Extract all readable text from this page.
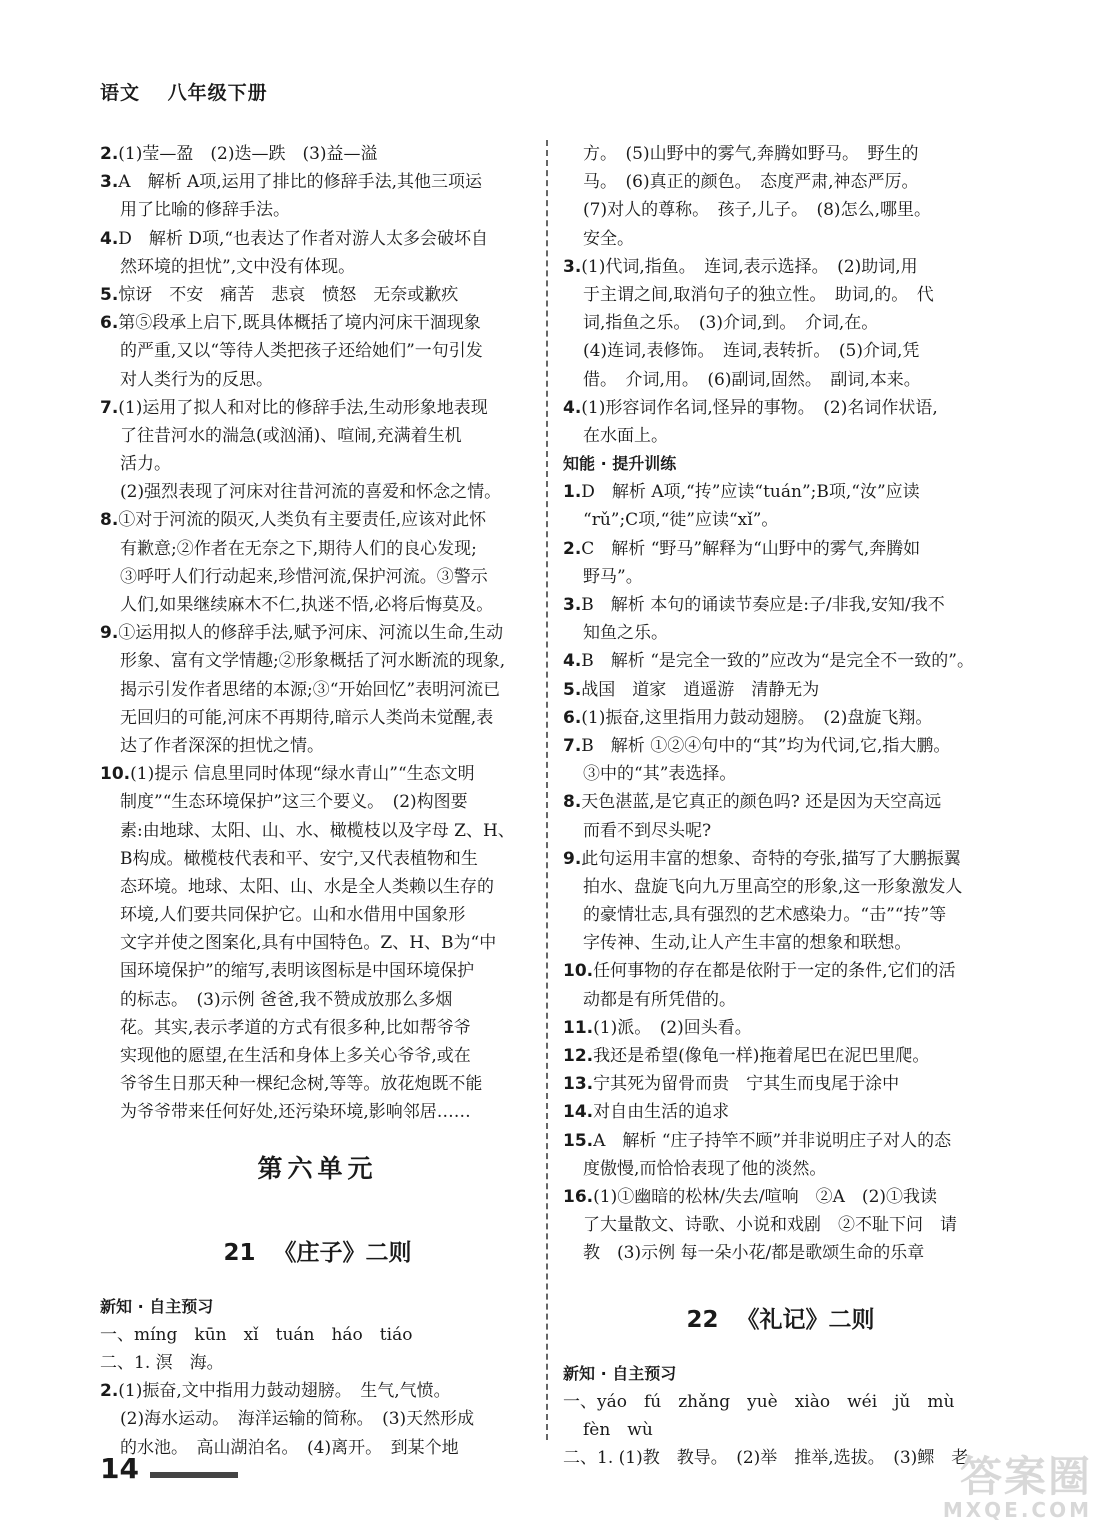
语文 八年级下册
2.(1)莹—盈　(2)迭—跌　(3)益—溢
3.A　解析 A项,运用了排比的修辞手法,其他三项运
用了比喻的修辞手法。
4.D　解析 D项,“也表达了作者对游人太多会破坏自
然环境的担忧”,文中没有体现。
5.惊讶　不安　痛苦　悲哀　愤怒　无奈或歉疚
6.第⑤段承上启下,既具体概括了境内河床干涸现象
的严重,又以“等待人类把孩子还给她们”一句引发
对人类行为的反思。
7.(1)运用了拟人和对比的修辞手法,生动形象地表现
了往昔河水的湍急(或汹涌)、喧闹,充满着生机
活力。
(2)强烈表现了河床对往昔河流的喜爱和怀念之情。
8.①对于河流的陨灭,人类负有主要责任,应该对此怀
有歉意;②作者在无奈之下,期待人们的良心发现;
③呼吁人们行动起来,珍惜河流,保护河流。③警示
人们,如果继续麻木不仁,执迷不悟,必将后悔莫及。
9.①运用拟人的修辞手法,赋予河床、河流以生命,生动
形象、富有文学情趣;②形象概括了河水断流的现象,
揭示引发作者思绪的本源;③“开始回忆”表明河流已
无回归的可能,河床不再期待,暗示人类尚未觉醒,表
达了作者深深的担忧之情。
10.(1)提示 信息里同时体现“绿水青山”“生态文明
制度”“生态环境保护”这三个要义。　(2)构图要
素:由地球、太阳、山、水、橄榄枝以及字母 Z、H、
B构成。橄榄枝代表和平、安宁,又代表植物和生
态环境。地球、太阳、山、水是全人类赖以生存的
环境,人们要共同保护它。山和水借用中国象形
文字并使之图案化,具有中国特色。Z、H、B为“中
国环境保护”的缩写,表明该图标是中国环境保护
的标志。　(3)示例 爸爸,我不赞成放那么多烟
花。其实,表示孝道的方式有很多种,比如帮爷爷
实现他的愿望,在生活和身体上多关心爷爷,或在
爷爷生日那天种一棵纪念树,等等。放花炮既不能
为爷爷带来任何好处,还污染环境,影响邻居……
第六单元
21 《庄子》二则
新知 · 自主预习
一、míng　kūn　xǐ　tuán　háo　tiáo
二、1. 溟　海。
2.(1)振奋,文中指用力鼓动翅膀。　生气,气愤。
(2)海水运动。　海洋运输的简称。　(3)天然形成
的水池。　高山湖泊名。　(4)离开。　到某个地
方。　(5)山野中的雾气,奔腾如野马。　野生的
马。　(6)真正的颜色。　态度严肃,神态严厉。
(7)对人的尊称。　孩子,儿子。　(8)怎么,哪里。
安全。
3.(1)代词,指鱼。　连词,表示选择。　(2)助词,用
于主谓之间,取消句子的独立性。　助词,的。　代
词,指鱼之乐。　(3)介词,到。　介词,在。
(4)连词,表修饰。　连词,表转折。　(5)介词,凭
借。　介词,用。　(6)副词,固然。　副词,本来。
4.(1)形容词作名词,怪异的事物。　(2)名词作状语,
在水面上。
知能 · 提升训练
1.D　解析 A项,“抟”应读“tuán”;B项,“汝”应读
“rǔ”;C项,“徙”应读“xǐ”。
2.C　解析 “野马”解释为“山野中的雾气,奔腾如
野马”。
3.B　解析 本句的诵读节奏应是:子/非我,安知/我不
知鱼之乐。
4.B　解析 “是完全一致的”应改为“是完全不一致的”。
5.战国　道家　逍遥游　清静无为
6.(1)振奋,这里指用力鼓动翅膀。　(2)盘旋飞翔。
7.B　解析 ①②④句中的“其”均为代词,它,指大鹏。
③中的“其”表选择。
8.天色湛蓝,是它真正的颜色吗? 还是因为天空高远
而看不到尽头呢?
9.此句运用丰富的想象、奇特的夸张,描写了大鹏振翼
拍水、盘旋飞向九万里高空的形象,这一形象激发人
的豪情壮志,具有强烈的艺术感染力。“击”“抟”等
字传神、生动,让人产生丰富的想象和联想。
10.任何事物的存在都是依附于一定的条件,它们的活
动都是有所凭借的。
11.(1)派。　(2)回头看。
12.我还是希望(像龟一样)拖着尾巴在泥巴里爬。
13.宁其死为留骨而贵　宁其生而曳尾于涂中
14.对自由生活的追求
15.A　解析 “庄子持竿不顾”并非说明庄子对人的态
度傲慢,而恰恰表现了他的淡然。
16.(1)①幽暗的松林/失去/喧响　②A　(2)①我读
了大量散文、诗歌、小说和戏剧　②不耻下问　请
教　(3)示例 每一朵小花/都是歌颂生命的乐章
22 《礼记》二则
新知 · 自主预习
一、yáo　fú　zhǎng　yuè　xiào　wéi　jǔ　mù
fèn　wù
二、1. (1)教　教导。　(2)举　推举,选拔。　(3)鳏　老
14	答案圈
MXQE.COM
